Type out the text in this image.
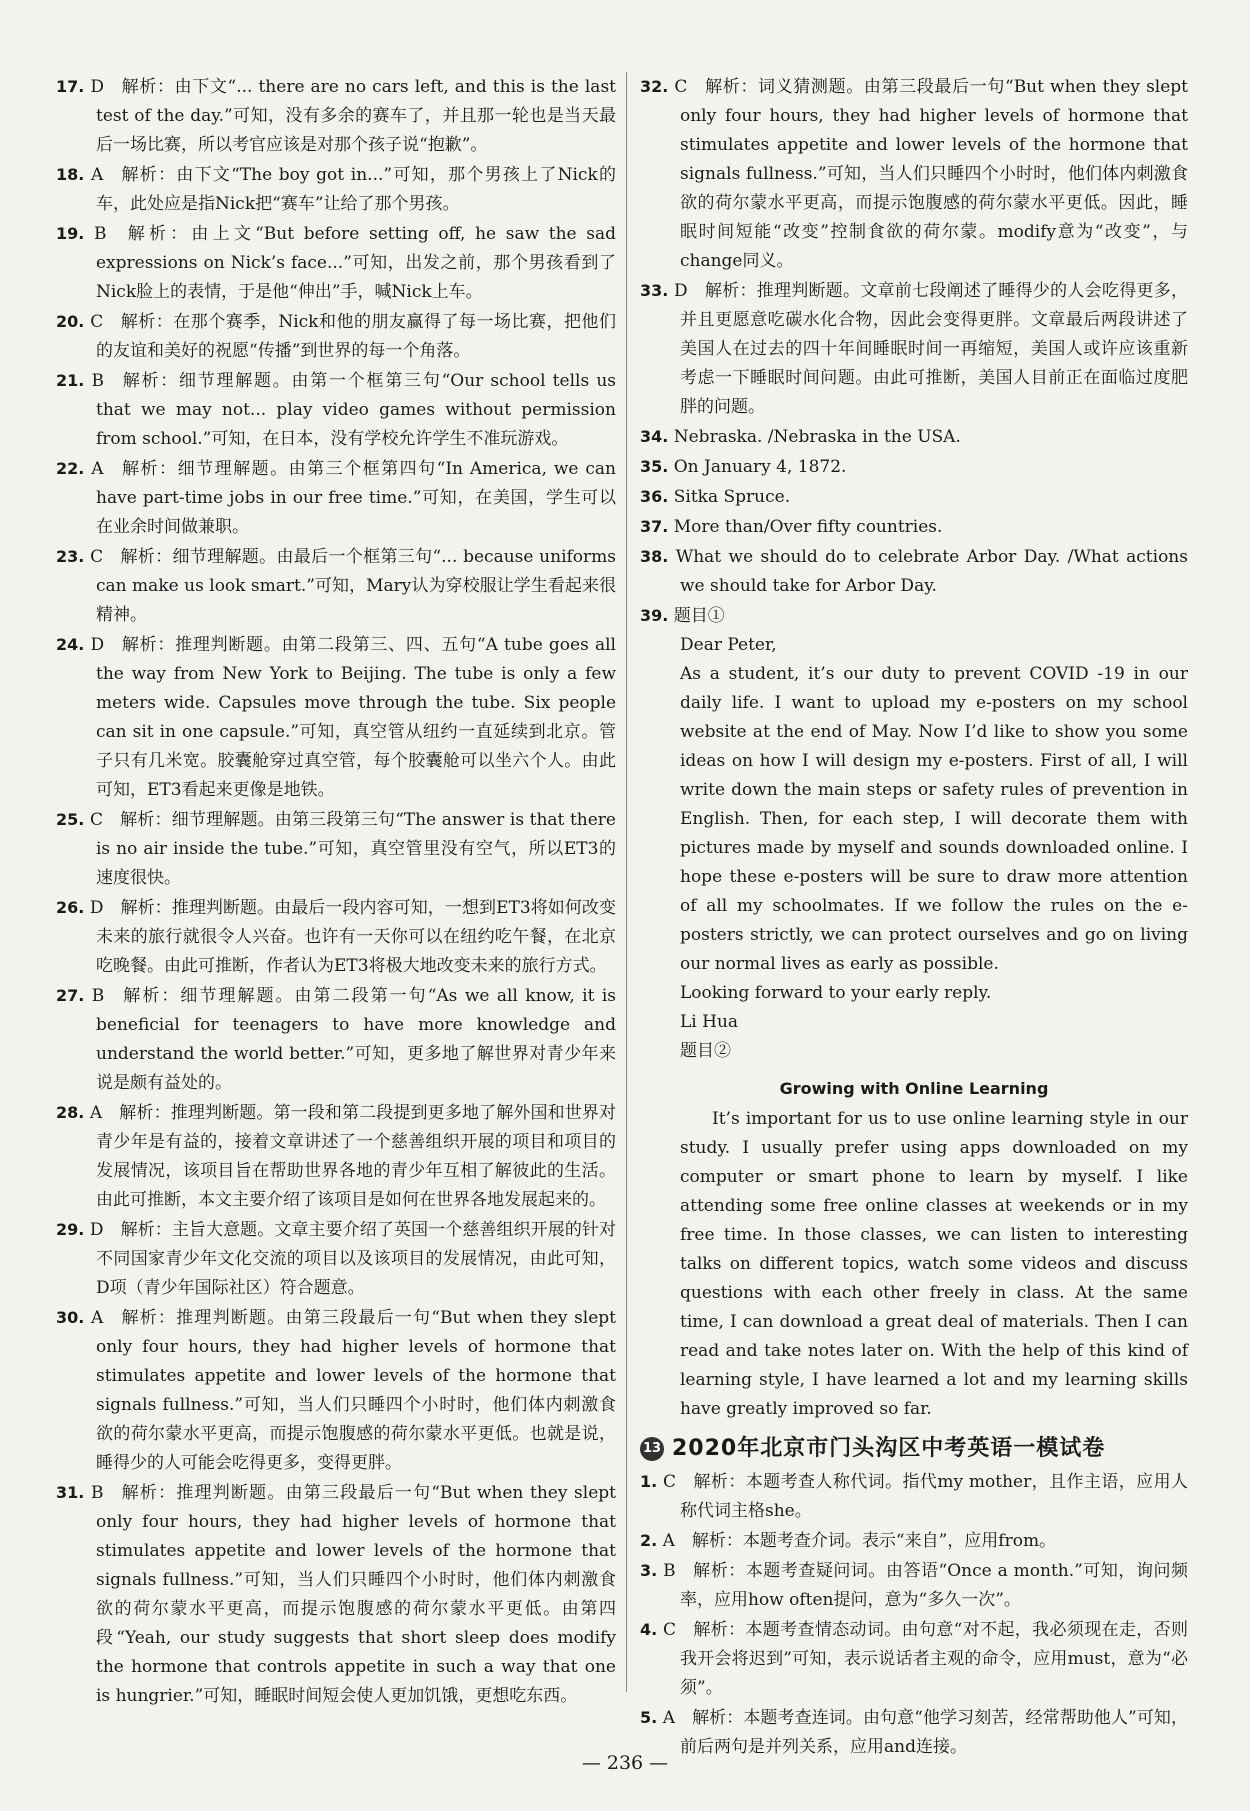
17. D  解析：由下文“... there are no cars left, and this is the last test of the day.”可知，没有多余的赛车了，并且那一轮也是当天最后一场比赛，所以考官应该是对那个孩子说“抱歉”。
18. A  解析：由下文“The boy got in...”可知，那个男孩上了Nick的车，此处应是指Nick把“赛车”让给了那个男孩。
19. B  解析：由上文“But before setting off, he saw the sad expressions on Nick’s face...”可知，出发之前，那个男孩看到了Nick脸上的表情，于是他“伸出”手，喊Nick上车。
20. C  解析：在那个赛季，Nick和他的朋友赢得了每一场比赛，把他们的友谊和美好的祝愿“传播”到世界的每一个角落。
21. B  解析：细节理解题。由第一个框第三句“Our school tells us that we may not... play video games without permission from school.”可知，在日本，没有学校允许学生不准玩游戏。
22. A  解析：细节理解题。由第三个框第四句“In America, we can have part-time jobs in our free time.”可知，在美国，学生可以在业余时间做兼职。
23. C  解析：细节理解题。由最后一个框第三句“... because uniforms can make us look smart.”可知，Mary认为穿校服让学生看起来很精神。
24. D  解析：推理判断题。由第二段第三、四、五句“A tube goes all the way from New York to Beijing. The tube is only a few meters wide. Capsules move through the tube. Six people can sit in one capsule.”可知，真空管从纽约一直延续到北京。管子只有几米宽。胶囊舱穿过真空管，每个胶囊舱可以坐六个人。由此可知，ET3看起来更像是地铁。
25. C  解析：细节理解题。由第三段第三句“The answer is that there is no air inside the tube.”可知，真空管里没有空气，所以ET3的速度很快。
26. D  解析：推理判断题。由最后一段内容可知，一想到ET3将如何改变未来的旅行就很令人兴奋。也许有一天你可以在纽约吃午餐，在北京吃晚餐。由此可推断，作者认为ET3将极大地改变未来的旅行方式。
27. B  解析：细节理解题。由第二段第一句“As we all know, it is beneficial for teenagers to have more knowledge and understand the world better.”可知，更多地了解世界对青少年来说是颇有益处的。
28. A  解析：推理判断题。第一段和第二段提到更多地了解外国和世界对青少年是有益的，接着文章讲述了一个慈善组织开展的项目和项目的发展情况，该项目旨在帮助世界各地的青少年互相了解彼此的生活。由此可推断，本文主要介绍了该项目是如何在世界各地发展起来的。
29. D  解析：主旨大意题。文章主要介绍了英国一个慈善组织开展的针对不同国家青少年文化交流的项目以及该项目的发展情况，由此可知，D项（青少年国际社区）符合题意。
30. A  解析：推理判断题。由第三段最后一句“But when they slept only four hours, they had higher levels of hormone that stimulates appetite and lower levels of the hormone that signals fullness.”可知，当人们只睡四个小时时，他们体内刺激食欲的荷尔蒙水平更高，而提示饱腹感的荷尔蒙水平更低。也就是说，睡得少的人可能会吃得更多，变得更胖。
31. B  解析：推理判断题。由第三段最后一句“But when they slept only four hours, they had higher levels of hormone that stimulates appetite and lower levels of the hormone that signals fullness.”可知，当人们只睡四个小时时，他们体内刺激食欲的荷尔蒙水平更高，而提示饱腹感的荷尔蒙水平更低。由第四段“Yeah, our study suggests that short sleep does modify the hormone that controls appetite in such a way that one is hungrier.”可知，睡眠时间短会使人更加饥饿，更想吃东西。
32. C  解析：词义猜测题。由第三段最后一句“But when they slept only four hours, they had higher levels of hormone that stimulates appetite and lower levels of the hormone that signals fullness.”可知，当人们只睡四个小时时，他们体内刺激食欲的荷尔蒙水平更高，而提示饱腹感的荷尔蒙水平更低。因此，睡眠时间短能“改变”控制食欲的荷尔蒙。modify意为“改变”，与change同义。
33. D  解析：推理判断题。文章前七段阐述了睡得少的人会吃得更多，并且更愿意吃碳水化合物，因此会变得更胖。文章最后两段讲述了美国人在过去的四十年间睡眠时间一再缩短，美国人或许应该重新考虑一下睡眠时间问题。由此可推断，美国人目前正在面临过度肥胖的问题。
34. Nebraska. /Nebraska in the USA.
35. On January 4, 1872.
36. Sitka Spruce.
37. More than/Over fifty countries.
38. What we should do to celebrate Arbor Day. /What actions we should take for Arbor Day.
39. 题目①

Dear Peter,

As a student, it’s our duty to prevent COVID -19 in our daily life. I want to upload my e-posters on my school website at the end of May. Now I’d like to show you some ideas on how I will design my e-posters. First of all, I will write down the main steps or safety rules of prevention in English. Then, for each step, I will decorate them with pictures made by myself and sounds downloaded online. I hope these e-posters will be sure to draw more attention of all my schoolmates. If we follow the rules on the e-posters strictly, we can protect ourselves and go on living our normal lives as early as possible.

Looking forward to your early reply.

Li Hua

题目②

Growing with Online Learning
It’s important for us to use online learning style in our study. I usually prefer using apps downloaded on my computer or smart phone to learn by myself. I like attending some free online classes at weekends or in my free time. In those classes, we can listen to interesting talks on different topics, watch some videos and discuss questions with each other freely in class. At the same time, I can download a great deal of materials. Then I can read and take notes later on. With the help of this kind of learning style, I have learned a lot and my learning skills have greatly improved so far.
13 2020年北京市门头沟区中考英语一模试卷
1. C  解析：本题考查人称代词。指代my mother，且作主语，应用人称代词主格she。
2. A  解析：本题考查介词。表示“来自”，应用from。
3. B  解析：本题考查疑问词。由答语“Once a month.”可知，询问频率，应用how often提问，意为“多久一次”。
4. C  解析：本题考查情态动词。由句意“对不起，我必须现在走，否则我开会将迟到”可知，表示说话者主观的命令，应用must，意为“必须”。
5. A  解析：本题考查连词。由句意“他学习刻苦，经常帮助他人”可知，前后两句是并列关系，应用and连接。
— 236 —
